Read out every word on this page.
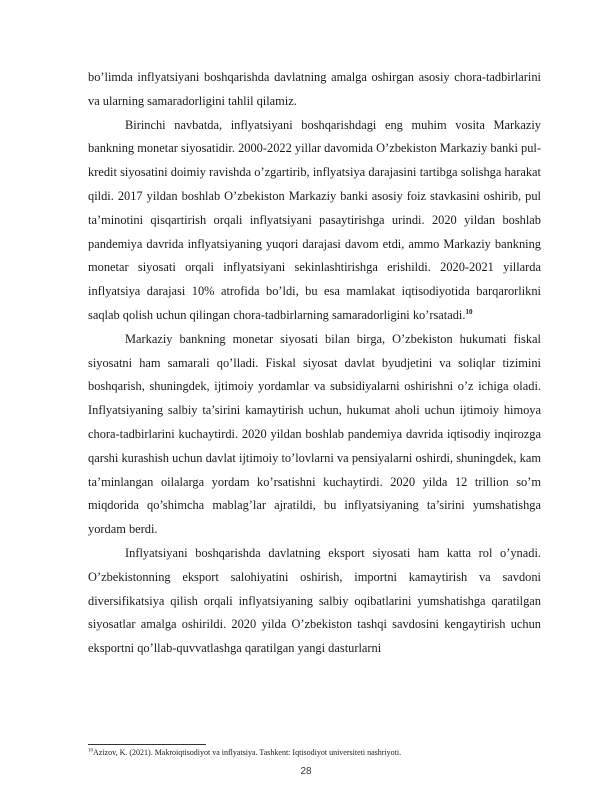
bo’limda inflyatsiyani boshqarishda davlatning amalga oshirgan asosiy chora-tadbirlarini va ularning samaradorligini tahlil qilamiz.

Birinchi navbatda, inflyatsiyani boshqarishdagi eng muhim vosita Markaziy bankning monetar siyosatidir. 2000-2022 yillar davomida O’zbekiston Markaziy banki pul-kredit siyosatini doimiy ravishda o’zgartirib, inflyatsiya darajasini tartibga solishga harakat qildi. 2017 yildan boshlab O’zbekiston Markaziy banki asosiy foiz stavkasini oshirib, pul ta’minotini qisqartirish orqali inflyatsiyani pasaytirishga urindi. 2020 yildan boshlab pandemiya davrida inflyatsiyaning yuqori darajasi davom etdi, ammo Markaziy bankning monetar siyosati orqali inflyatsiyani sekinlashtirishga erishildi. 2020-2021 yillarda inflyatsiya darajasi 10% atrofida bo’ldi, bu esa mamlakat iqtisodiyotida barqarorlikni saqlab qolish uchun qilingan chora-tadbirlarning samaradorligini ko’rsatadi.$^{10}$

Markaziy bankning monetar siyosati bilan birga, O’zbekiston hukumati fiskal siyosatni ham samarali qo’lladi. Fiskal siyosat davlat byudjetini va soliqlar tizimini boshqarish, shuningdek, ijtimoiy yordamlar va subsidiyalarni oshirishni o’z ichiga oladi. Inflyatsiyaning salbiy ta’sirini kamaytirish uchun, hukumat aholi uchun ijtimoiy himoya chora-tadbirlarini kuchaytirdi. 2020 yildan boshlab pandemiya davrida iqtisodiy inqirozga qarshi kurashish uchun davlat ijtimoiy to’lovlarni va pensiyalarni oshirdi, shuningdek, kam ta’minlangan oilalarga yordam ko’rsatishni kuchaytirdi. 2020 yilda 12 trillion so’m miqdorida qo’shimcha mablag’lar ajratildi, bu inflyatsiyaning ta’sirini yumshatishga yordam berdi.

Inflyatsiyani boshqarishda davlatning eksport siyosati ham katta rol o’ynadi. O’zbekistonning eksport salohiyatini oshirish, importni kamaytirish va savdoni diversifikatsiya qilish orqali inflyatsiyaning salbiy oqibatlarini yumshatishga qaratilgan siyosatlar amalga oshirildi. 2020 yilda O’zbekiston tashqi savdosini kengaytirish uchun eksportni qo’llab-quvvatlashga qaratilgan yangi dasturlarni

$^{10}$Azizov, K. (2021). Makroiqtisodiyot va inflyatsiya. Tashkent: Iqtisodiyot universiteti nashriyoti.
28
